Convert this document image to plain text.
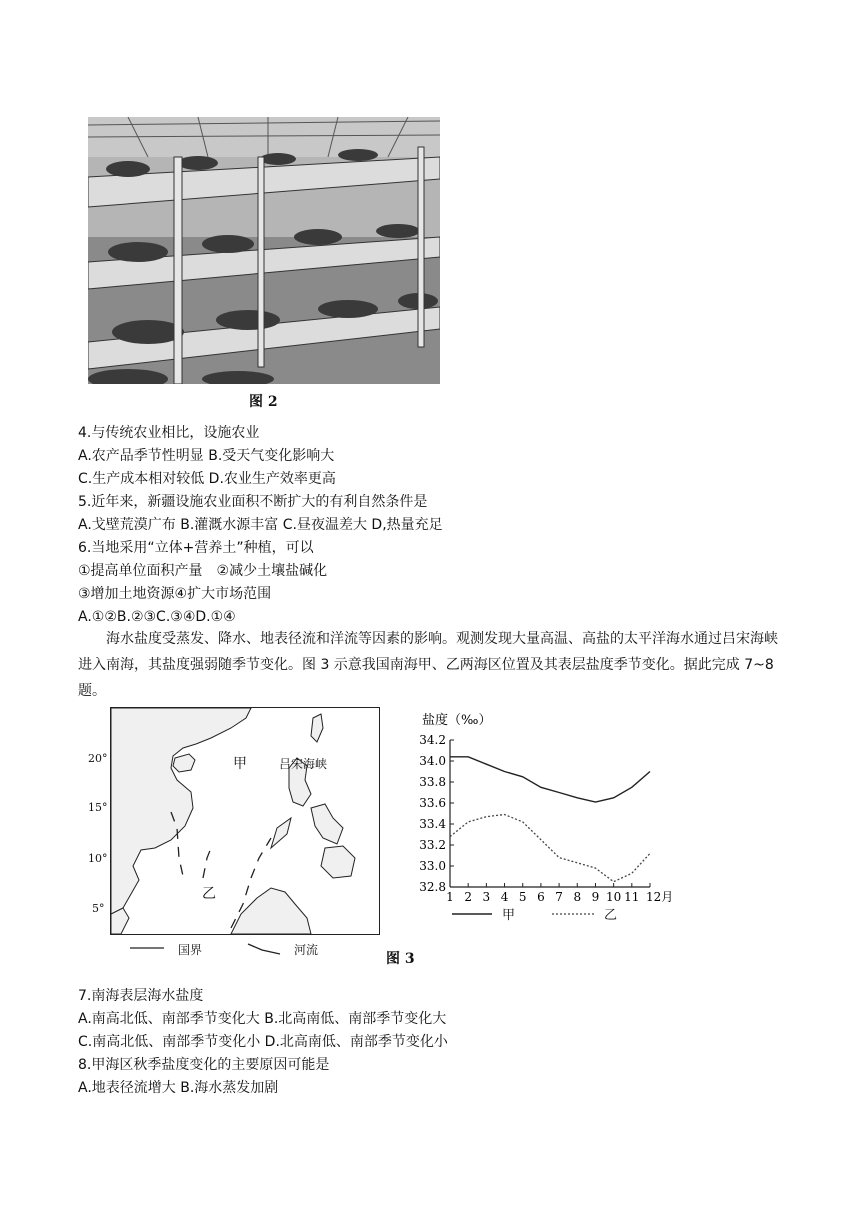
图 2
4.与传统农业相比，设施农业
A.农产品季节性明显 B.受天气变化影响大
C.生产成本相对较低 D.农业生产效率更高
5.近年来，新疆设施农业面积不断扩大的有利自然条件是
A.戈壁荒漠广布 B.灌溉水源丰富 C.昼夜温差大 D,热量充足
6.当地采用“立体+营养土”种植，可以
①提高单位面积产量　②减少土壤盐碱化
③增加土地资源④扩大市场范围
A.①②B.②③C.③④D.①④
海水盐度受蒸发、降水、地表径流和洋流等因素的影响。观测发现大量高温、高盐的太平洋海水通过吕宋海峡进入南海，其盐度强弱随季节变化。图 3 示意我国南海甲、乙两海区位置及其表层盐度季节变化。据此完成 7~8 题。
甲	吕宋海峡
乙
20°
15°
10°
5°
国界	河流
盐度（‰）
34.2
34.0
33.8
33.6
33.4
33.2
33.0
32.8
1 2 3 4 5 6 7 8 9 10 11 12月
甲	乙
图 3
7.南海表层海水盐度
A.南高北低、南部季节变化大 B.北高南低、南部季节变化大
C.南高北低、南部季节变化小 D.北高南低、南部季节变化小
8.甲海区秋季盐度变化的主要原因可能是
A.地表径流增大 B.海水蒸发加剧
